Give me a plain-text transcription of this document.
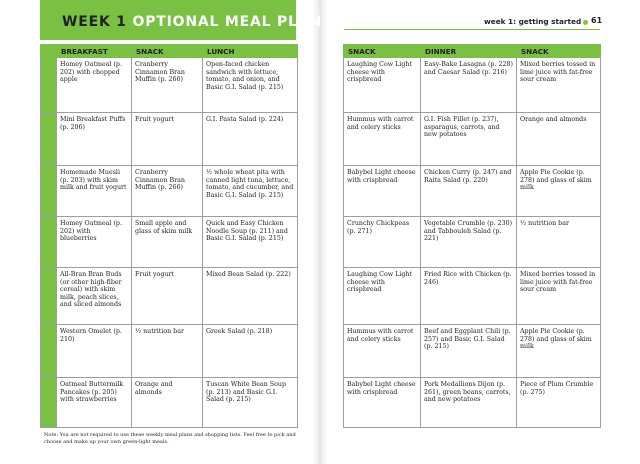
WEEK 1 OPTIONAL MEAL PLAN	week 1: getting started 61
	BREAKFAST	SNACK	LUNCH
	Homey Oatmeal (p. 202) with chopped apple	Cranberry Cinnamon Bran Muffin (p. 266)	Open-faced chicken sandwich with lettuce, tomato, and onion, and Basic G.I. Salad (p. 215)
	Mini Breakfast Puffs (p. 206)	Fruit yogurt	G.I. Pasta Salad (p. 224)
	Homemade Muesli (p. 203) with skim milk and fruit yogurt	Cranberry Cinnamon Bran Muffin (p. 266)	½ whole wheat pita with canned light tuna, lettuce, tomato, and cucumber, and Basic G.I. Salad (p. 215)
	Homey Oatmeal (p. 202) with blueberries	Small apple and glass of skim milk	Quick and Easy Chicken Noodle Soup (p. 211) and Basic G.I. Salad (p. 215)
	All-Bran Bran Buds (or other high-fiber cereal) with skim milk, peach slices, and sliced almonds	Fruit yogurt	Mixed Bean Salad (p. 222)
	Western Omelet (p. 210)	½ nutrition bar	Greek Salad (p. 218)
	Oatmeal Buttermilk Pancakes (p. 205) with strawberries	Orange and almonds	Tuscan White Bean Soup (p. 213) and Basic G.I. Salad (p. 215)
SNACK	DINNER	SNACK
Laughing Cow Light cheese with crispbread	Easy-Bake Lasagna (p. 228) and Caesar Salad (p. 216)	Mixed berries tossed in lime juice with fat-free sour cream
Hummus with carrot and celery sticks	G.I. Fish Fillet (p. 237), asparagus, carrots, and new potatoes	Orange and almonds
Babybel Light cheese with crispbread	Chicken Curry (p. 247) and Raita Salad (p. 220)	Apple Pie Cookie (p. 278) and glass of skim milk
Crunchy Chickpeas (p. 271)	Vegetable Crumble (p. 230) and Tabbouleh Salad (p. 221)	½ nutrition bar
Laughing Cow Light cheese with crispbread	Fried Rice with Chicken (p. 246)	Mixed berries tossed in lime juice with fat-free sour cream
Hummus with carrot and celery sticks	Beef and Eggplant Chili (p. 257) and Basic G.I. Salad (p. 215)	Apple Pie Cookie (p. 278) and glass of skim milk
Babybel Light cheese with crispbread	Pork Medallions Dijon (p. 261), green beans, carrots, and new potatoes	Piece of Plum Crumble (p. 275)
Note: You are not required to use these weekly meal plans and shopping lists. Feel free to pick and choose and make up your own green-light meals.
